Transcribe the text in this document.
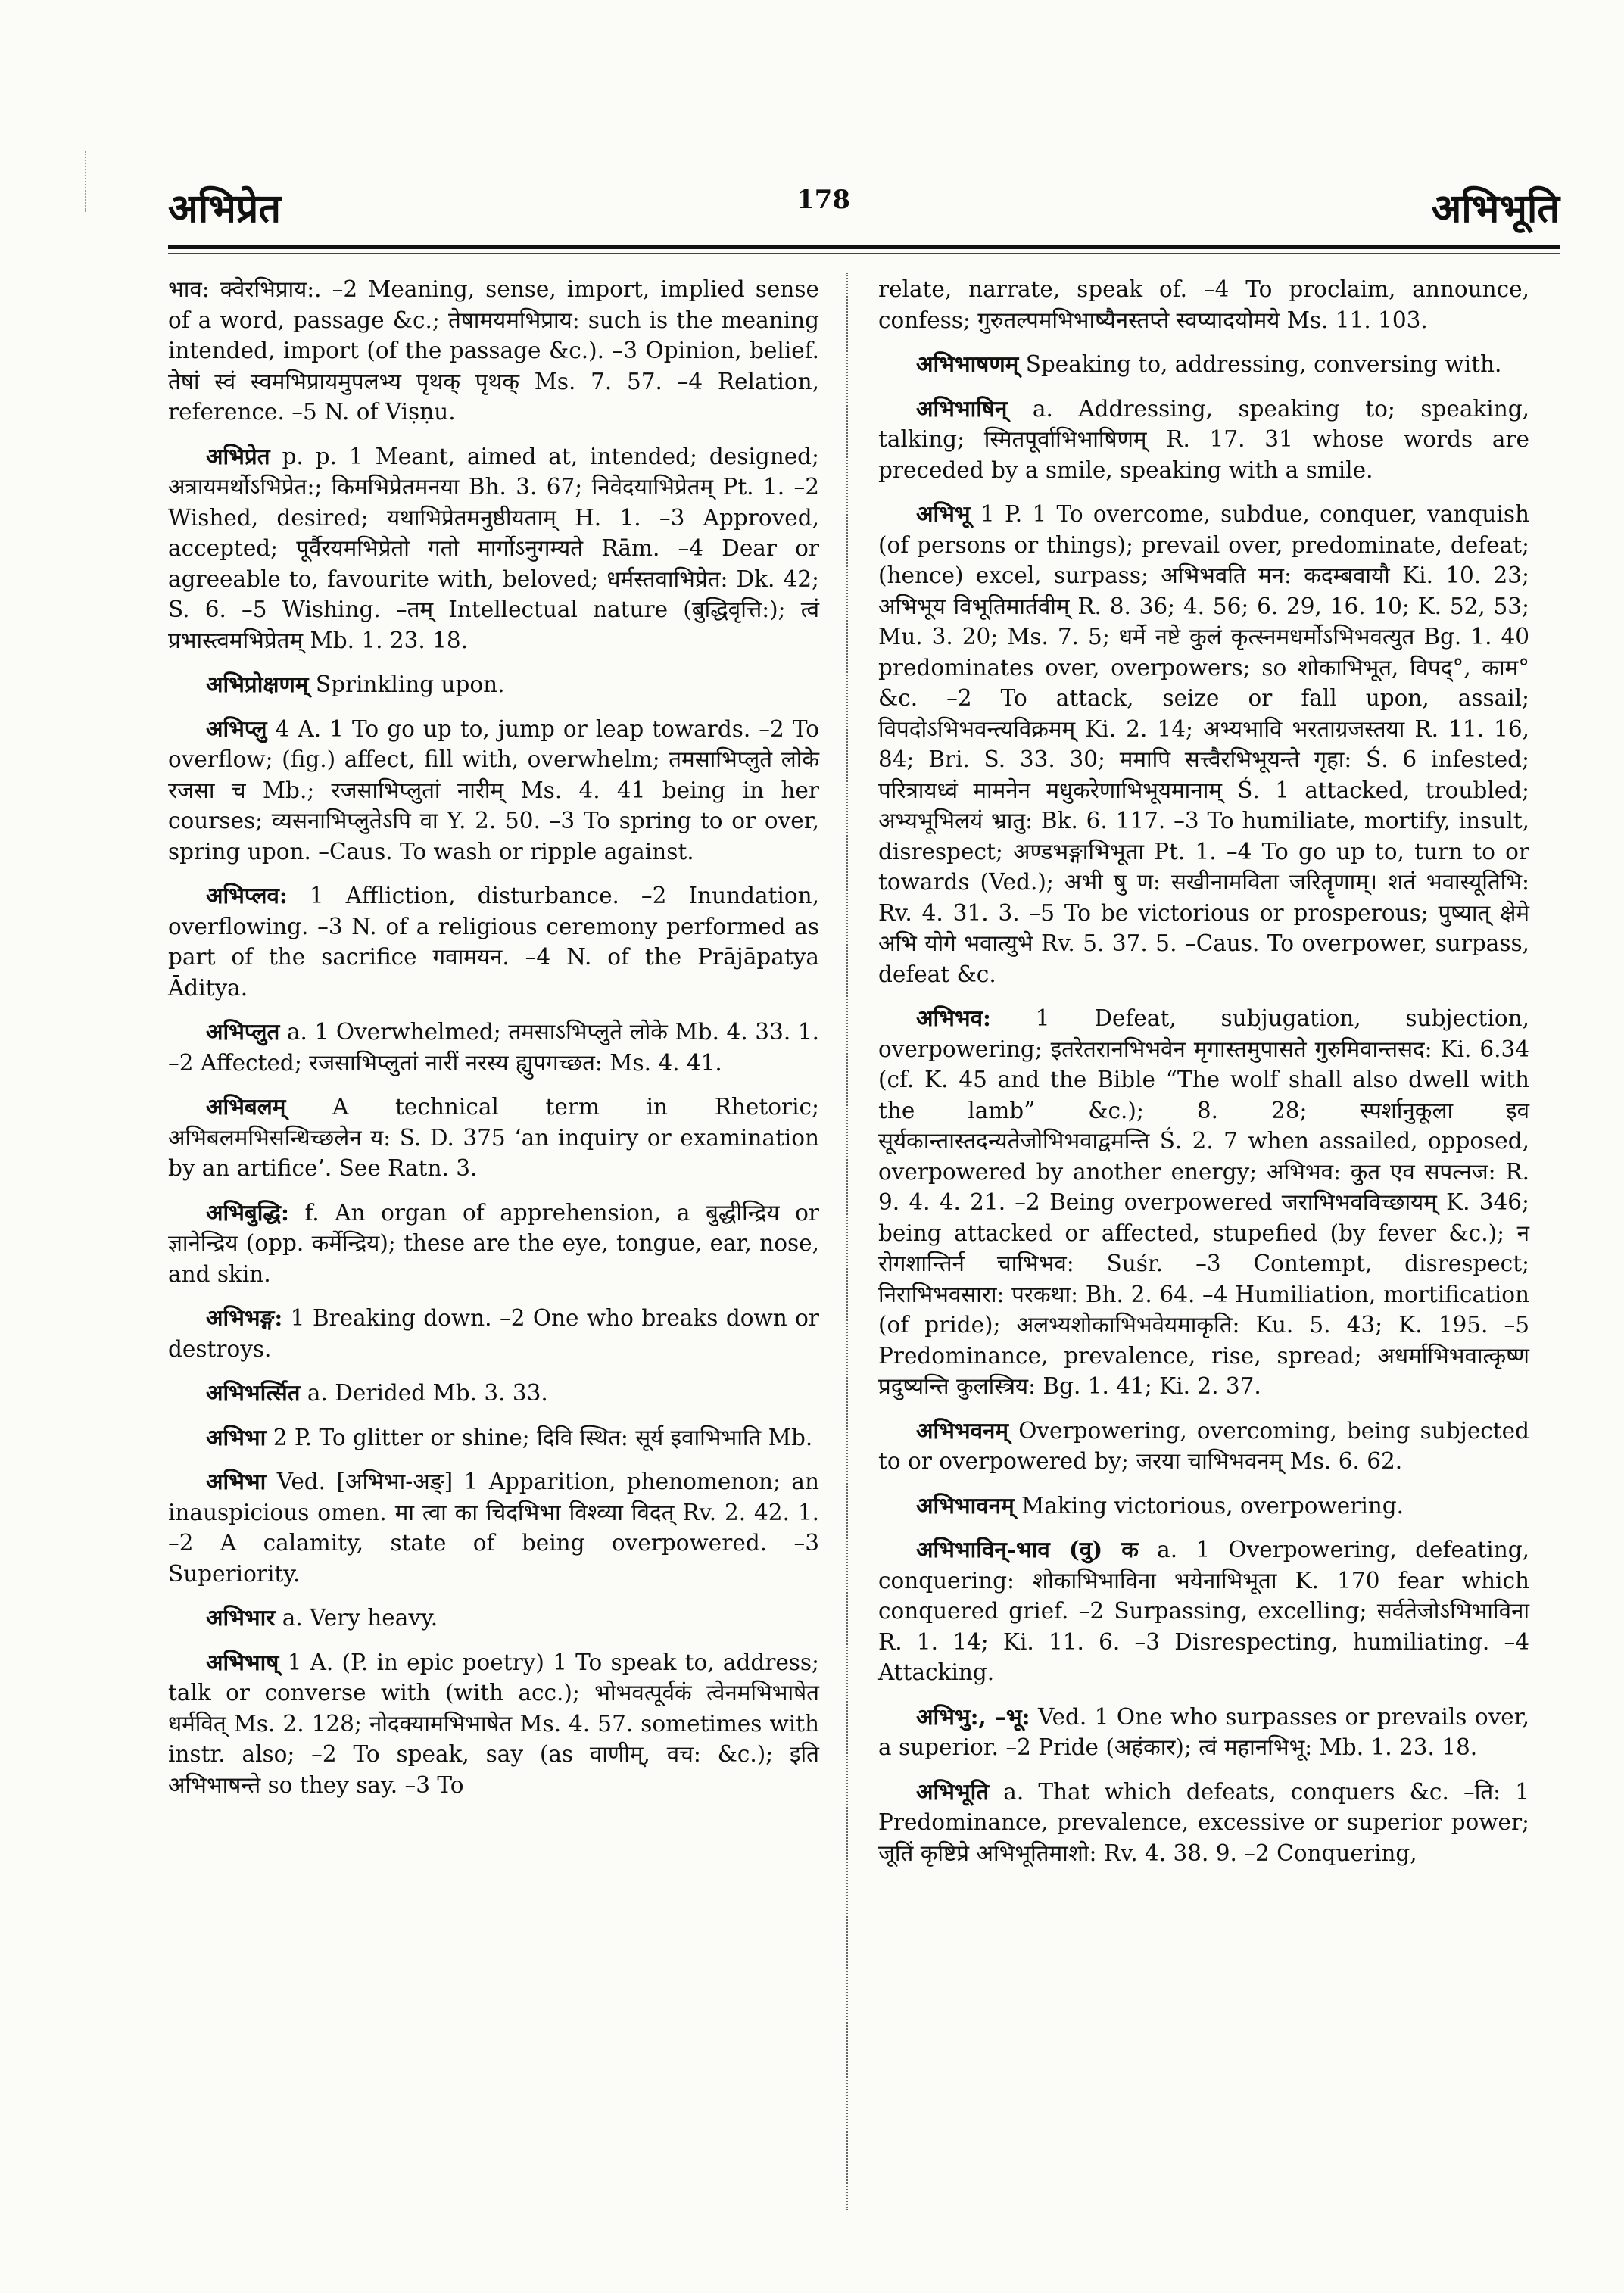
अभिप्रेत	178	अभिभूति

भाव: क्वेरभिप्राय:. –2 Meaning, sense, import, implied sense of a word, passage &c.; तेषामयमभिप्राय: such is the meaning intended, import (of the passage &c.). –3 Opinion, belief. तेषां स्वं स्वमभिप्रायमुपलभ्य पृथक् पृथक् Ms. 7. 57. –4 Relation, reference. –5 N. of Viṣṇu.

अभिप्रेत p. p. 1 Meant, aimed at, intended; designed; अत्रायमर्थोऽभिप्रेत:; किमभिप्रेतमनया Bh. 3. 67; निवेदयाभिप्रेतम् Pt. 1. –2 Wished, desired; यथाभिप्रेतमनुष्ठीयताम् H. 1. –3 Approved, accepted; पूर्वैरयमभिप्रेतो गतो मार्गोऽनुगम्यते Rām. –4 Dear or agreeable to, favourite with, beloved; धर्मस्तवाभिप्रेत: Dk. 42; S. 6. –5 Wishing. –तम् Intellectual nature (बुद्धिवृत्ति:); त्वं प्रभास्त्वमभिप्रेतम् Mb. 1. 23. 18.

अभिप्रोक्षणम् Sprinkling upon.

अभिप्लु 4 A. 1 To go up to, jump or leap towards. –2 To overflow; (fig.) affect, fill with, overwhelm; तमसाभिप्लुते लोके रजसा च Mb.; रजसाभिप्लुतां नारीम् Ms. 4. 41 being in her courses; व्यसनाभिप्लुतेऽपि वा Y. 2. 50. –3 To spring to or over, spring upon. –Caus. To wash or ripple against.

अभिप्लव: 1 Affliction, disturbance. –2 Inundation, overflowing. –3 N. of a religious ceremony performed as part of the sacrifice गवामयन. –4 N. of the Prājāpatya Āditya.

अभिप्लुत a. 1 Overwhelmed; तमसाऽभिप्लुते लोके Mb. 4. 33. 1. –2 Affected; रजसाभिप्लुतां नारीं नरस्य ह्युपगच्छत: Ms. 4. 41.

अभिबलम् A technical term in Rhetoric; अभिबलमभिसन्धिच्छलेन य: S. D. 375 ‘an inquiry or examination by an artifice’. See Ratn. 3.

अभिबुद्धि: f. An organ of apprehension, a बुद्धीन्द्रिय or ज्ञानेन्द्रिय (opp. कर्मेन्द्रिय); these are the eye, tongue, ear, nose, and skin.

अभिभङ्ग: 1 Breaking down. –2 One who breaks down or destroys.

अभिभर्त्सित a. Derided Mb. 3. 33.

अभिभा 2 P. To glitter or shine; दिवि स्थित: सूर्य इवाभिभाति Mb.

अभिभा Ved. [अभिभा-अङ्] 1 Apparition, phenomenon; an inauspicious omen. मा त्वा का चिदभिभा विश्व्या विदत् Rv. 2. 42. 1. –2 A calamity, state of being overpowered. –3 Superiority.

अभिभार a. Very heavy.

अभिभाष् 1 A. (P. in epic poetry) 1 To speak to, address; talk or converse with (with acc.); भोभवत्पूर्वकं त्वेनमभिभाषेत धर्मवित् Ms. 2. 128; नोदक्यामभिभाषेत Ms. 4. 57. sometimes with instr. also; –2 To speak, say (as वाणीम्, वच: &c.); इति अभिभाषन्ते so they say. –3 To

relate, narrate, speak of. –4 To proclaim, announce, confess; गुरुतल्पमभिभाष्यैनस्तप्ते स्वप्यादयोमये Ms. 11. 103.

अभिभाषणम् Speaking to, addressing, conversing with.

अभिभाषिन् a. Addressing, speaking to; speaking, talking; स्मितपूर्वाभिभाषिणम् R. 17. 31 whose words are preceded by a smile, speaking with a smile.

अभिभू 1 P. 1 To overcome, subdue, conquer, vanquish (of persons or things); prevail over, predominate, defeat; (hence) excel, surpass; अभिभवति मन: कदम्बवायौ Ki. 10. 23; अभिभूय विभूतिमार्तवीम् R. 8. 36; 4. 56; 6. 29, 16. 10; K. 52, 53; Mu. 3. 20; Ms. 7. 5; धर्मे नष्टे कुलं कृत्स्नमधर्मोऽभिभवत्युत Bg. 1. 40 predominates over, overpowers; so शोकाभिभूत, विपद्°, काम° &c. –2 To attack, seize or fall upon, assail; विपदोऽभिभवन्त्यविक्रमम् Ki. 2. 14; अभ्यभावि भरताग्रजस्तया R. 11. 16, 84; Bri. S. 33. 30; ममापि सत्त्वैरभिभूयन्ते गृहा: Ś. 6 infested; परित्रायध्वं मामनेन मधुकरेणाभिभूयमानाम् Ś. 1 attacked, troubled; अभ्यभूभिलयं भ्रातु: Bk. 6. 117. –3 To humiliate, mortify, insult, disrespect; अण्डभङ्गाभिभूता Pt. 1. –4 To go up to, turn to or towards (Ved.); अभी षु ण: सखीनामविता जरितॄणाम्। शतं भवास्यूतिभि: Rv. 4. 31. 3. –5 To be victorious or prosperous; पुष्यात् क्षेमे अभि योगे भवात्युभे Rv. 5. 37. 5. –Caus. To overpower, surpass, defeat &c.

अभिभव: 1 Defeat, subjugation, subjection, overpowering; इतरेतरानभिभवेन मृगास्तमुपासते गुरुमिवान्तसद: Ki. 6.34 (cf. K. 45 and the Bible “The wolf shall also dwell with the lamb” &c.); 8. 28; स्पर्शानुकूला इव सूर्यकान्तास्तदन्यतेजोभिभवाद्वमन्ति Ś. 2. 7 when assailed, opposed, overpowered by another energy; अभिभव: कुत एव सपत्नज: R. 9. 4. 4. 21. –2 Being overpowered जराभिभवविच्छायम् K. 346; being attacked or affected, stupefied (by fever &c.); न रोगशान्तिर्न चाभिभव: Suśr. –3 Contempt, disrespect; निराभिभवसारा: परकथा: Bh. 2. 64. –4 Humiliation, mortification (of pride); अलभ्यशोकाभिभवेयमाकृति: Ku. 5. 43; K. 195. –5 Predominance, prevalence, rise, spread; अधर्माभिभवात्कृष्ण प्रदुष्यन्ति कुलस्त्रिय: Bg. 1. 41; Ki. 2. 37.

अभिभवनम् Overpowering, overcoming, being subjected to or overpowered by; जरया चाभिभवनम् Ms. 6. 62.

अभिभावनम् Making victorious, overpowering.

अभिभाविन्-भाव (वु) क a. 1 Overpowering, defeating, conquering: शोकाभिभाविना भयेनाभिभूता K. 170 fear which conquered grief. –2 Surpassing, excelling; सर्वतेजोऽभिभाविना R. 1. 14; Ki. 11. 6. –3 Disrespecting, humiliating. –4 Attacking.

अभिभु:, –भू: Ved. 1 One who surpasses or prevails over, a superior. –2 Pride (अहंकार); त्वं महानभिभू: Mb. 1. 23. 18.

अभिभूति a. That which defeats, conquers &c. –ति: 1 Predominance, prevalence, excessive or superior power; जूतिं कृष्टिप्रे अभिभूतिमाशो: Rv. 4. 38. 9. –2 Conquering,
